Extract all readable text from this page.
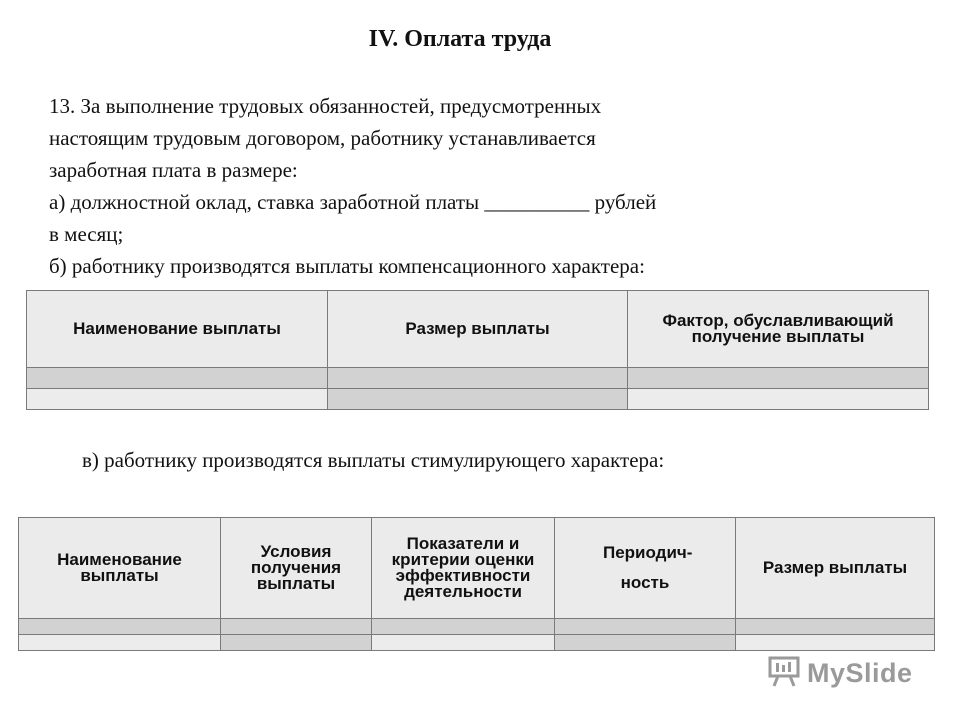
IV. Оплата труда

13. За выполнение трудовых обязанностей, предусмотренных

настоящим трудовым договором, работнику устанавливается

заработная плата в размере:

а) должностной оклад, ставка заработной платы __________ рублей

в месяц;

б) работнику производятся выплаты компенсационного характера:

Наименование выплаты	Размер выплаты	Фактор, обуславливающий получение выплаты

в) работнику производятся выплаты стимулирующего характера:
Наименование выплаты	Условия получения выплаты	Показатели и критерии оценки эффективности деятельности	Периодич-ность	Размер выплаты

MySlide
